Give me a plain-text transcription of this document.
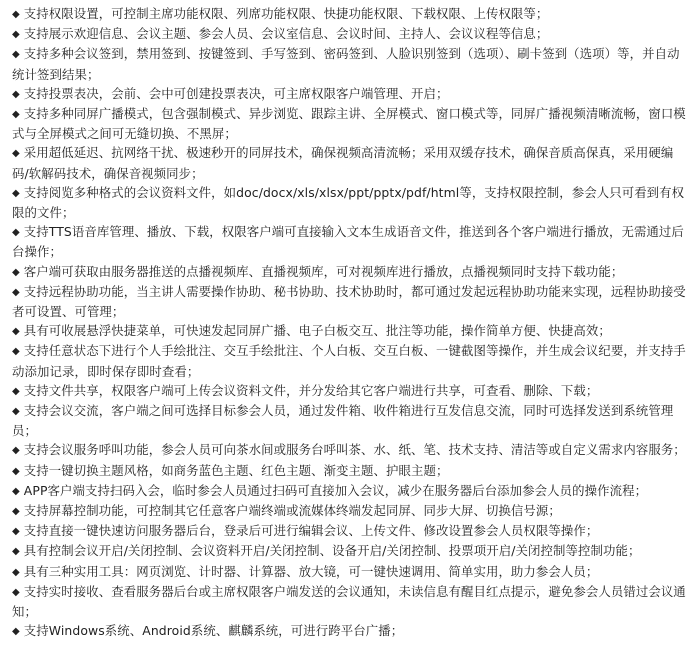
◆ 支持权限设置，可控制主席功能权限、列席功能权限、快捷功能权限、下载权限、上传权限等；
◆ 支持展示欢迎信息、会议主题、参会人员、会议室信息、会议时间、主持人、会议议程等信息；
◆ 支持多种会议签到，禁用签到、按键签到、手写签到、密码签到、人脸识别签到（选项）、刷卡签到（选项）等，并自动统计签到结果；
◆ 支持投票表决，会前、会中可创建投票表决，可主席权限客户端管理、开启；
◆ 支持多种同屏广播模式，包含强制模式、异步浏览、跟踪主讲、全屏模式、窗口模式等，同屏广播视频清晰流畅，窗口模式与全屏模式之间可无缝切换、不黑屏；
◆ 采用超低延迟、抗网络干扰、极速秒开的同屏技术，确保视频高清流畅；采用双缓存技术，确保音质高保真，采用硬编码/软解码技术，确保音视频同步；
◆ 支持阅览多种格式的会议资料文件，如doc/docx/xls/xlsx/ppt/pptx/pdf/html等，支持权限控制，参会人只可看到有权限的文件；
◆ 支持TTS语音库管理、播放、下载，权限客户端可直接输入文本生成语音文件，推送到各个客户端进行播放，无需通过后台操作；
◆ 客户端可获取由服务器推送的点播视频库、直播视频库，可对视频库进行播放，点播视频同时支持下载功能；
◆ 支持远程协助功能，当主讲人需要操作协助、秘书协助、技术协助时，都可通过发起远程协助功能来实现，远程协助接受者可设置、可管理；
◆ 具有可收展悬浮快捷菜单，可快速发起同屏广播、电子白板交互、批注等功能，操作简单方便、快捷高效；
◆ 支持任意状态下进行个人手绘批注、交互手绘批注、个人白板、交互白板、一键截图等操作，并生成会议纪要，并支持手动添加记录，即时保存即时查看；
◆ 支持文件共享，权限客户端可上传会议资料文件，并分发给其它客户端进行共享，可查看、删除、下载；
◆ 支持会议交流，客户端之间可选择目标参会人员，通过发件箱、收件箱进行互发信息交流，同时可选择发送到系统管理员；
◆ 支持会议服务呼叫功能，参会人员可向茶水间或服务台呼叫茶、水、纸、笔、技术支持、清洁等或自定义需求内容服务；
◆ 支持一键切换主题风格，如商务蓝色主题、红色主题、渐变主题、护眼主题；
◆ APP客户端支持扫码入会，临时参会人员通过扫码可直接加入会议，减少在服务器后台添加参会人员的操作流程；
◆ 支持屏幕控制功能，可控制其它任意客户端终端或流媒体终端发起同屏、同步大屏、切换信号源；
◆ 支持直接一键快速访问服务器后台，登录后可进行编辑会议、上传文件、修改设置参会人员权限等操作；
◆ 具有控制会议开启/关闭控制、会议资料开启/关闭控制、设备开启/关闭控制、投票项开启/关闭控制等控制功能；
◆ 具有三种实用工具：网页浏览、计时器、计算器、放大镜，可一键快速调用、简单实用，助力参会人员；
◆ 支持实时接收、查看服务器后台或主席权限客户端发送的会议通知，未读信息有醒目红点提示，避免参会人员错过会议通知；
◆ 支持Windows系统、Android系统、麒麟系统，可进行跨平台广播；
